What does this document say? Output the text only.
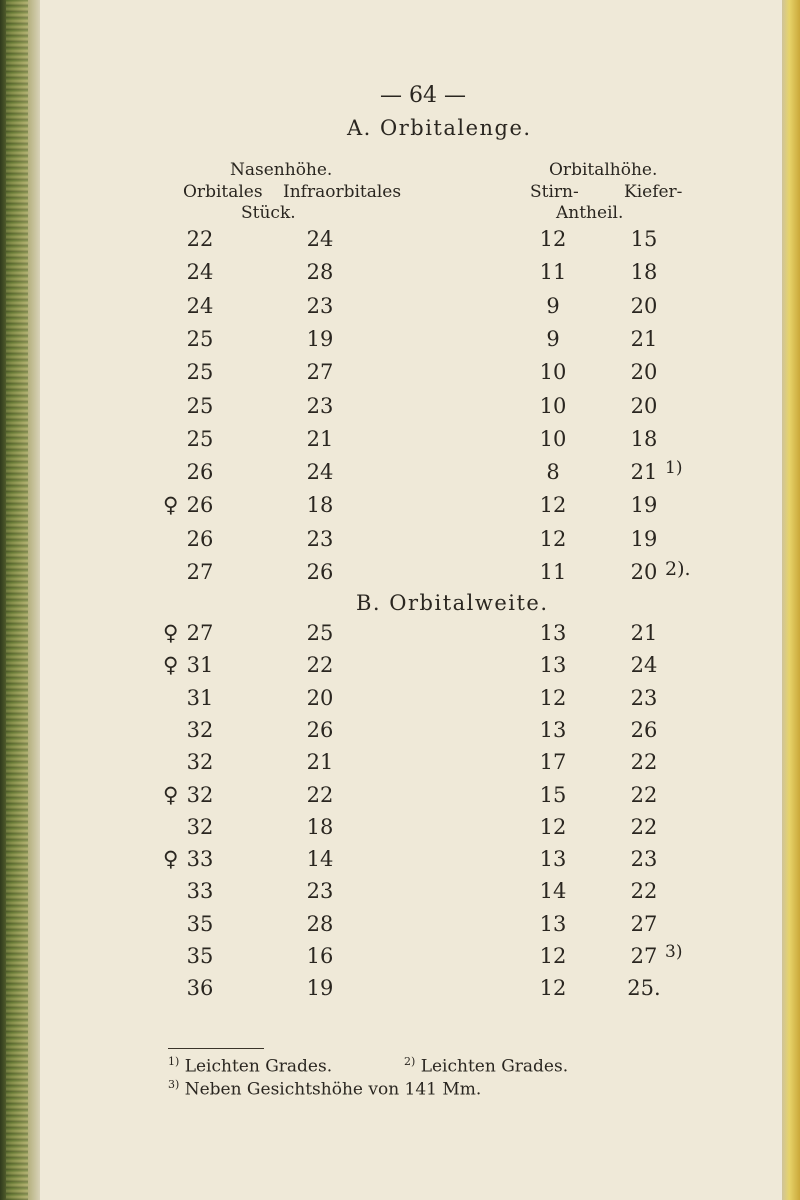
— 64 —
A. Orbitalenge.
Nasenhöhe.	Orbitalhöhe.
Orbitales Infraorbitales	Stirn-	Kiefer-
Stück.	Antheil.
22	24	12	15
24	28	11	18
24	23	9	20
25	19	9	21
25	27	10	20
25	23	10	20
25	21	10	18
26	24	8	21 1)
♀ 26	18	12	19
26	23	12	19
27	26	11	20 2).
B. Orbitalweite.
♀ 27	25	13	21
♀ 31	22	13	24
31	20	12	23
32	26	13	26
32	21	17	22
♀ 32	22	15	22
32	18	12	22
♀ 33	14	13	23
33	23	14	22
35	28	13	27
35	16	12	27 3)
36	19	12	25.
$^{1)}$ Leichten Grades.	$^{2)}$ Leichten Grades.
$^{3)}$ Neben Gesichtshöhe von 141 Mm.
